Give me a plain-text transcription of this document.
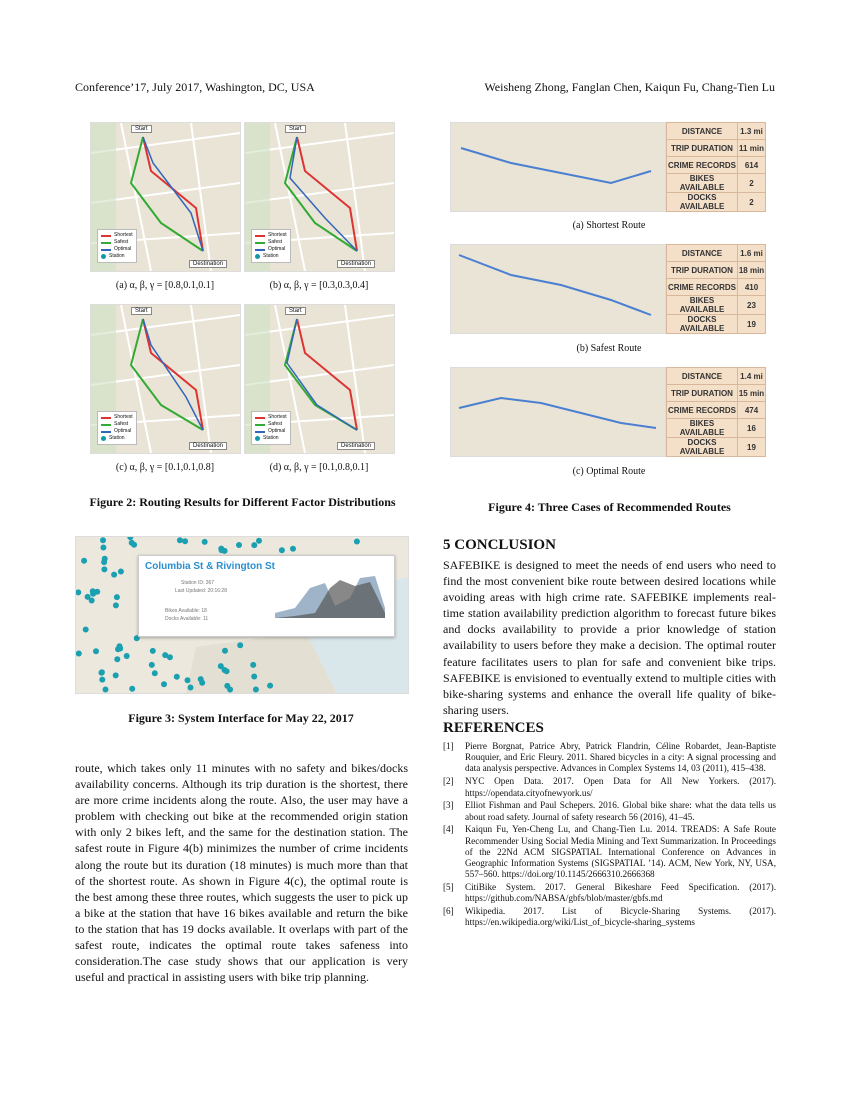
Conference’17, July 2017, Washington, DC, USA	Weisheng Zhong, Fanglan Chen, Kaiqun Fu, Chang-Tien Lu
Start
Destination
Shortest
Safest
Optimal
Station
(a) α, β, γ = [0.8,0.1,0.1]
Start
Destination
Shortest
Safest
Optimal
Station
(b) α, β, γ = [0.3,0.3,0.4]
Start
Destination
Shortest
Safest
Optimal
Station
(c) α, β, γ = [0.1,0.1,0.8]
Start
Destination
Shortest
Safest
Optimal
Station
(d) α, β, γ = [0.1,0.8,0.1]
Figure 2: Routing Results for Different Factor Distributions
Columbia St & Rivington St
Station ID: 367
Last Updated: 20:16:28
Bikes Available: 18
Docks Available: 11
Figure 3: System Interface for May 22, 2017
DISTANCE	1.3 mi
TRIP DURATION	11 min
CRIME RECORDS	614
BIKES AVAILABLE	2
DOCKS AVAILABLE	2
(a) Shortest Route
DISTANCE	1.6 mi
TRIP DURATION	18 min
CRIME RECORDS	410
BIKES AVAILABLE	23
DOCKS AVAILABLE	19
(b) Safest Route
DISTANCE	1.4 mi
TRIP DURATION	15 min
CRIME RECORDS	474
BIKES AVAILABLE	16
DOCKS AVAILABLE	19
(c) Optimal Route
Figure 4: Three Cases of Recommended Routes

route, which takes only 11 minutes with no safety and bikes/docks availability concerns. Although its trip duration is the shortest, there are more crime incidents along the route. Also, the user may have a problem with checking out bike at the recommended origin station with only 2 bikes left, and the same for the destination station. The safest route in Figure 4(b) minimizes the number of crime incidents along the route but its duration (18 minutes) is much more than that of the shortest route. As shown in Figure 4(c), the optimal route is the best among these three routes, which suggests the user to pick up a bike at the station that have 16 bikes available and return the bike to the station that has 19 docks available. It overlaps with part of the safest route, indicates the optimal route takes safeness into consideration.The case study shows that our application is very useful and practical in assisting users with bike trip planning.

5 CONCLUSION

SAFEBIKE is designed to meet the needs of end users who need to find the most convenient bike route between desired locations while avoiding areas with high crime rate. SAFEBIKE implements real-time station availability prediction algorithm to forecast future bikes and docks availability to provide a prior knowledge of station availability to users before they make a decision. The optimal router feature facilitates users to plan for safe and convenient bike trips. SAFEBIKE is envisioned to eventually extend to multiple cities with bike-sharing systems and enhance the overall life quality of bike-sharing users.

REFERENCES
[1]	Pierre Borgnat, Patrice Abry, Patrick Flandrin, Céline Robardet, Jean-Baptiste Rouquier, and Eric Fleury. 2011. Shared bicycles in a city: A signal processing and data analysis perspective. Advances in Complex Systems 14, 03 (2011), 415–438.
[2]	NYC Open Data. 2017. Open Data for All New Yorkers. (2017). https://opendata.cityofnewyork.us/
[3]	Elliot Fishman and Paul Schepers. 2016. Global bike share: what the data tells us about road safety. Journal of safety research 56 (2016), 41–45.
[4]	Kaiqun Fu, Yen-Cheng Lu, and Chang-Tien Lu. 2014. TREADS: A Safe Route Recommender Using Social Media Mining and Text Summarization. In Proceedings of the 22Nd ACM SIGSPATIAL International Conference on Advances in Geographic Information Systems (SIGSPATIAL ’14). ACM, New York, NY, USA, 557–560. https://doi.org/10.1145/2666310.2666368
[5]	CitiBike System. 2017. General Bikeshare Feed Specification. (2017). https://github.com/NABSA/gbfs/blob/master/gbfs.md
[6]	Wikipedia. 2017. List of Bicycle-Sharing Systems. (2017). https://en.wikipedia.org/wiki/List_of_bicycle-sharing_systems
